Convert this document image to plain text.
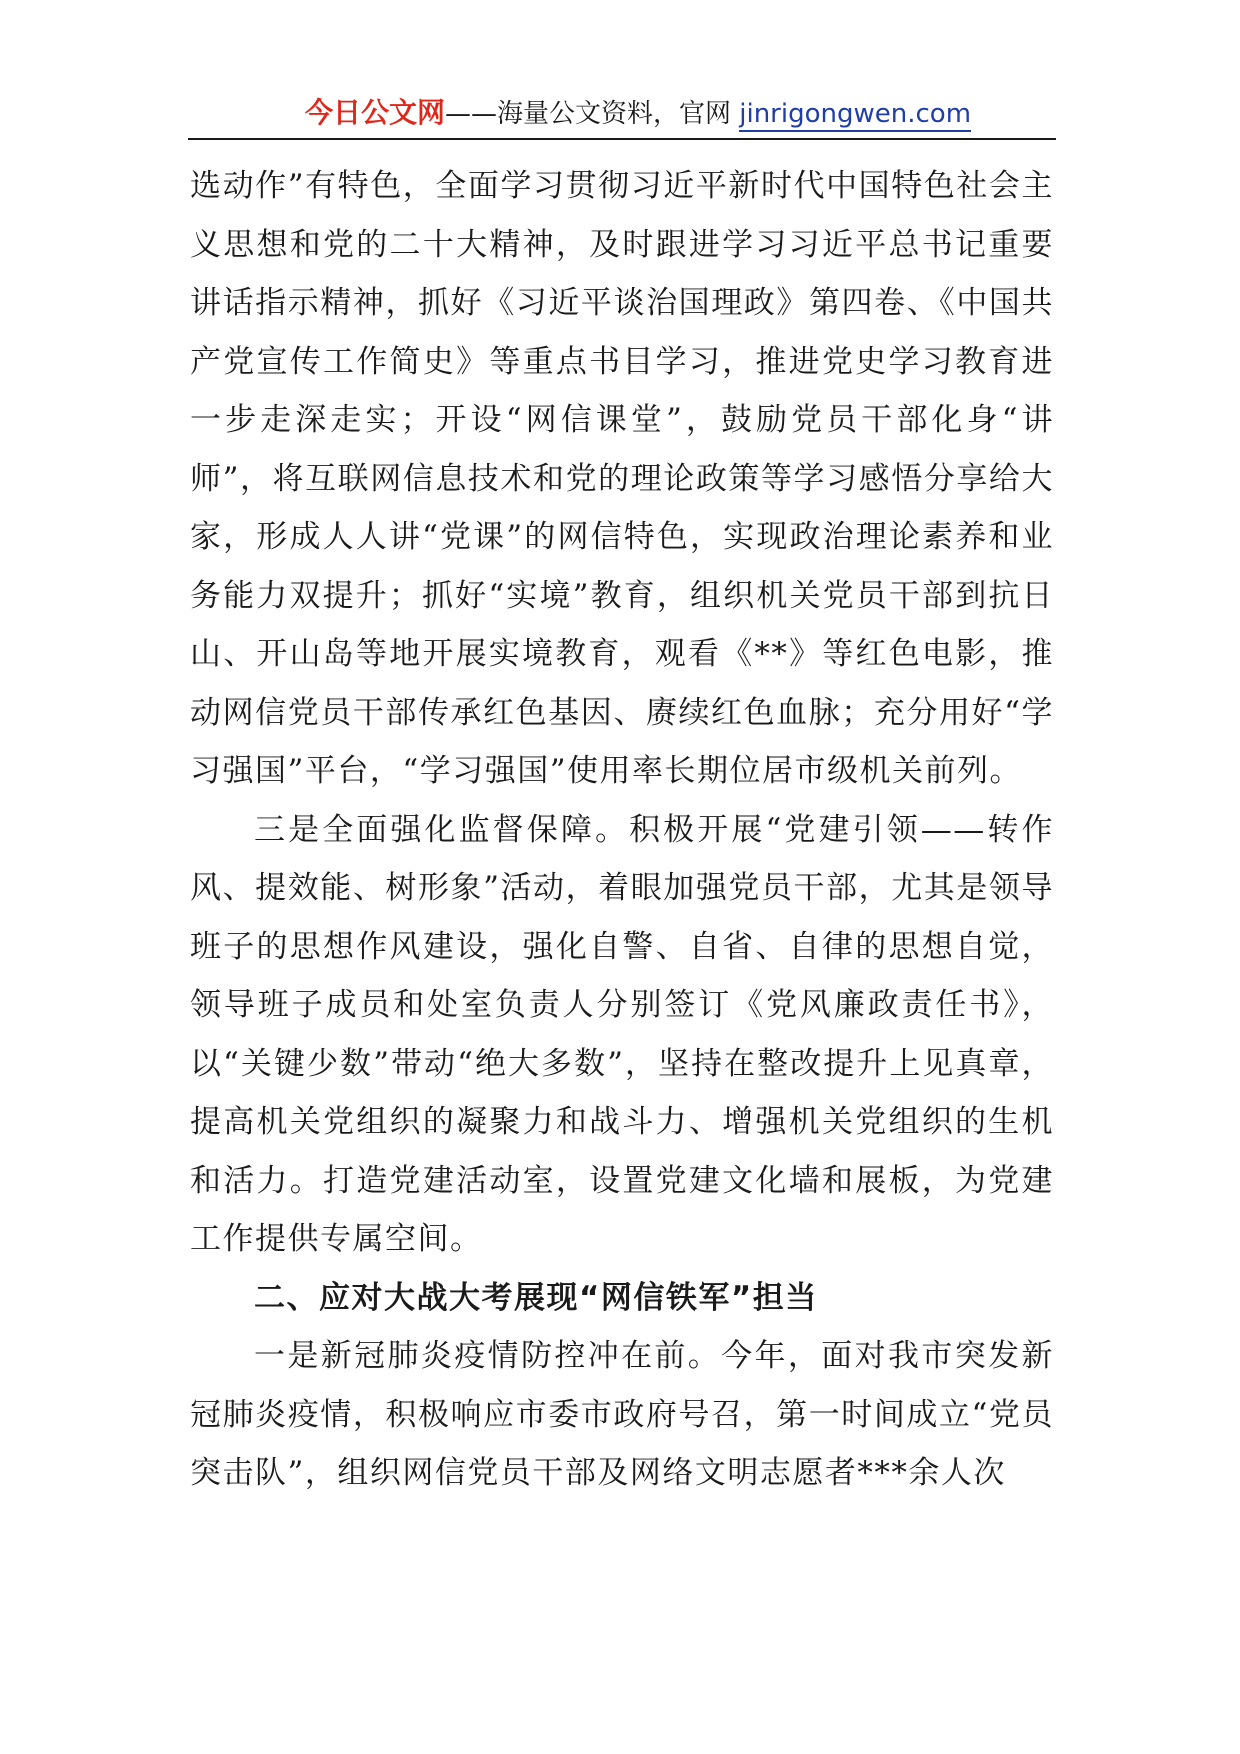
今日公文网——海量公文资料，官网 jinrigongwen.com

选动作”有特色，全面学习贯彻习近平新时代中国特色社会主义思想和党的二十大精神，及时跟进学习习近平总书记重要讲话指示精神，抓好《习近平谈治国理政》第四卷、《中国共产党宣传工作简史》等重点书目学习，推进党史学习教育进一步走深走实；开设“网信课堂”，鼓励党员干部化身“讲师”，将互联网信息技术和党的理论政策等学习感悟分享给大家，形成人人讲“党课”的网信特色，实现政治理论素养和业务能力双提升；抓好“实境”教育，组织机关党员干部到抗日山、开山岛等地开展实境教育，观看《**》等红色电影，推动网信党员干部传承红色基因、赓续红色血脉；充分用好“学习强国”平台，“学习强国”使用率长期位居市级机关前列。

三是全面强化监督保障。积极开展“党建引领——转作风、提效能、树形象”活动，着眼加强党员干部，尤其是领导班子的思想作风建设，强化自警、自省、自律的思想自觉，领导班子成员和处室负责人分别签订《党风廉政责任书》，以“关键少数”带动“绝大多数”，坚持在整改提升上见真章，提高机关党组织的凝聚力和战斗力、增强机关党组织的生机和活力。打造党建活动室，设置党建文化墙和展板，为党建工作提供专属空间。

二、应对大战大考展现“网信铁军”担当

一是新冠肺炎疫情防控冲在前。今年，面对我市突发新冠肺炎疫情，积极响应市委市政府号召，第一时间成立“党员突击队”，组织网信党员干部及网络文明志愿者***余人次
